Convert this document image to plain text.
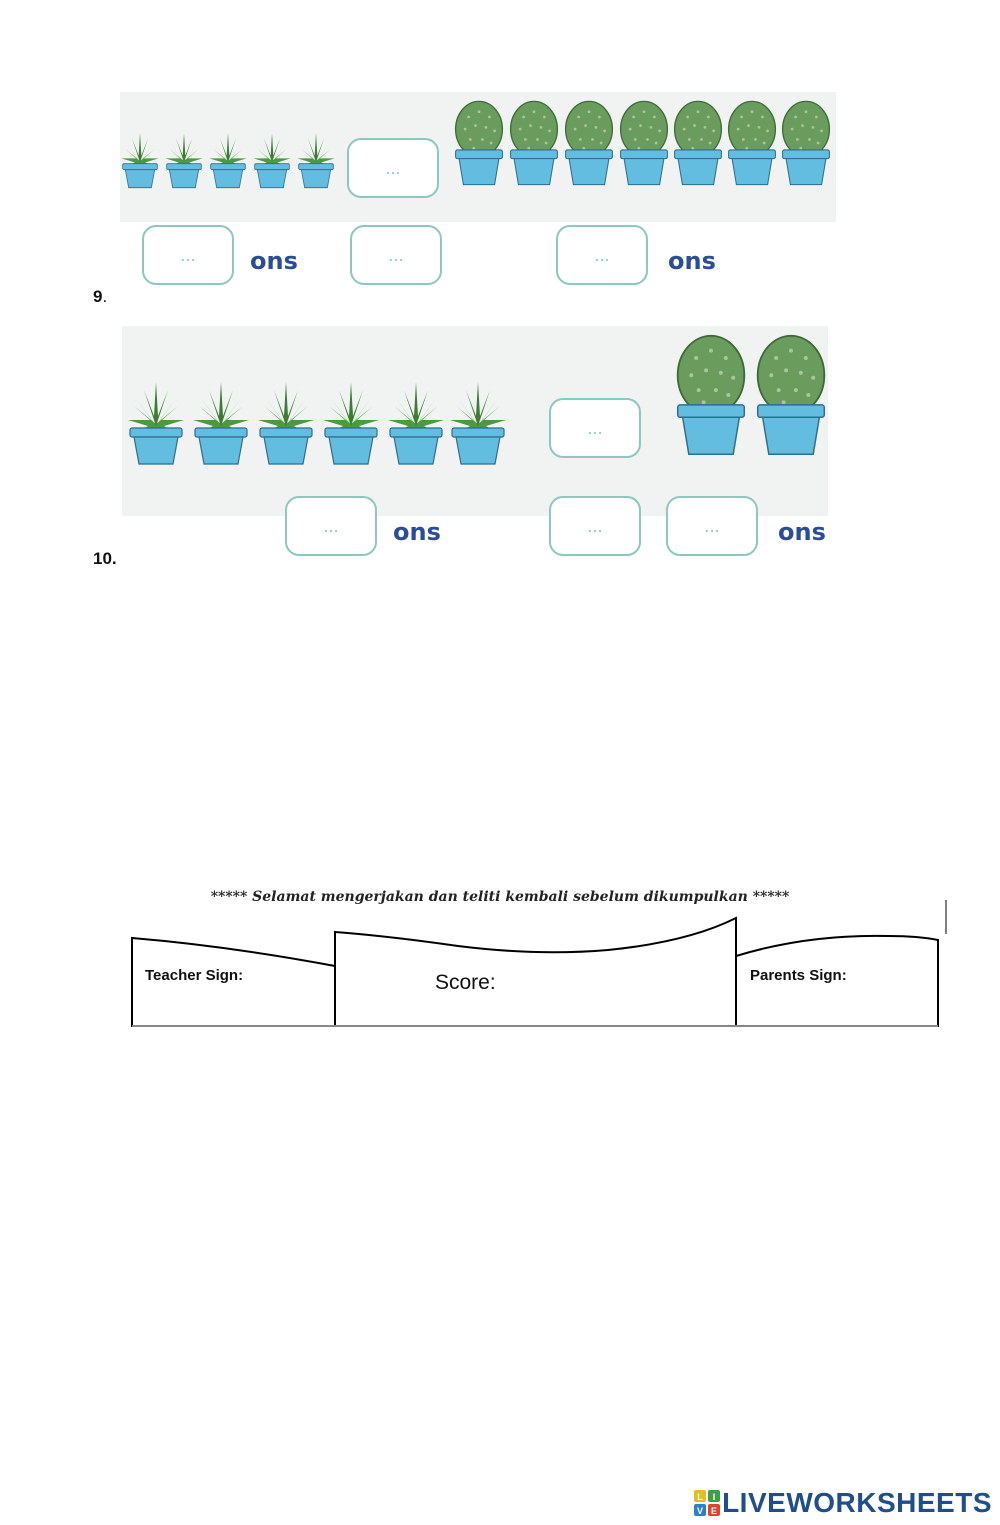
...
...	ons	...	...	ons
9.
...
...	ons	...	...	ons
10.
***** Selamat mengerjakan dan teliti kembali sebelum dikumpulkan *****
Teacher Sign:	Score:	Parents Sign:
L I
V E LIVEWORKSHEETS
